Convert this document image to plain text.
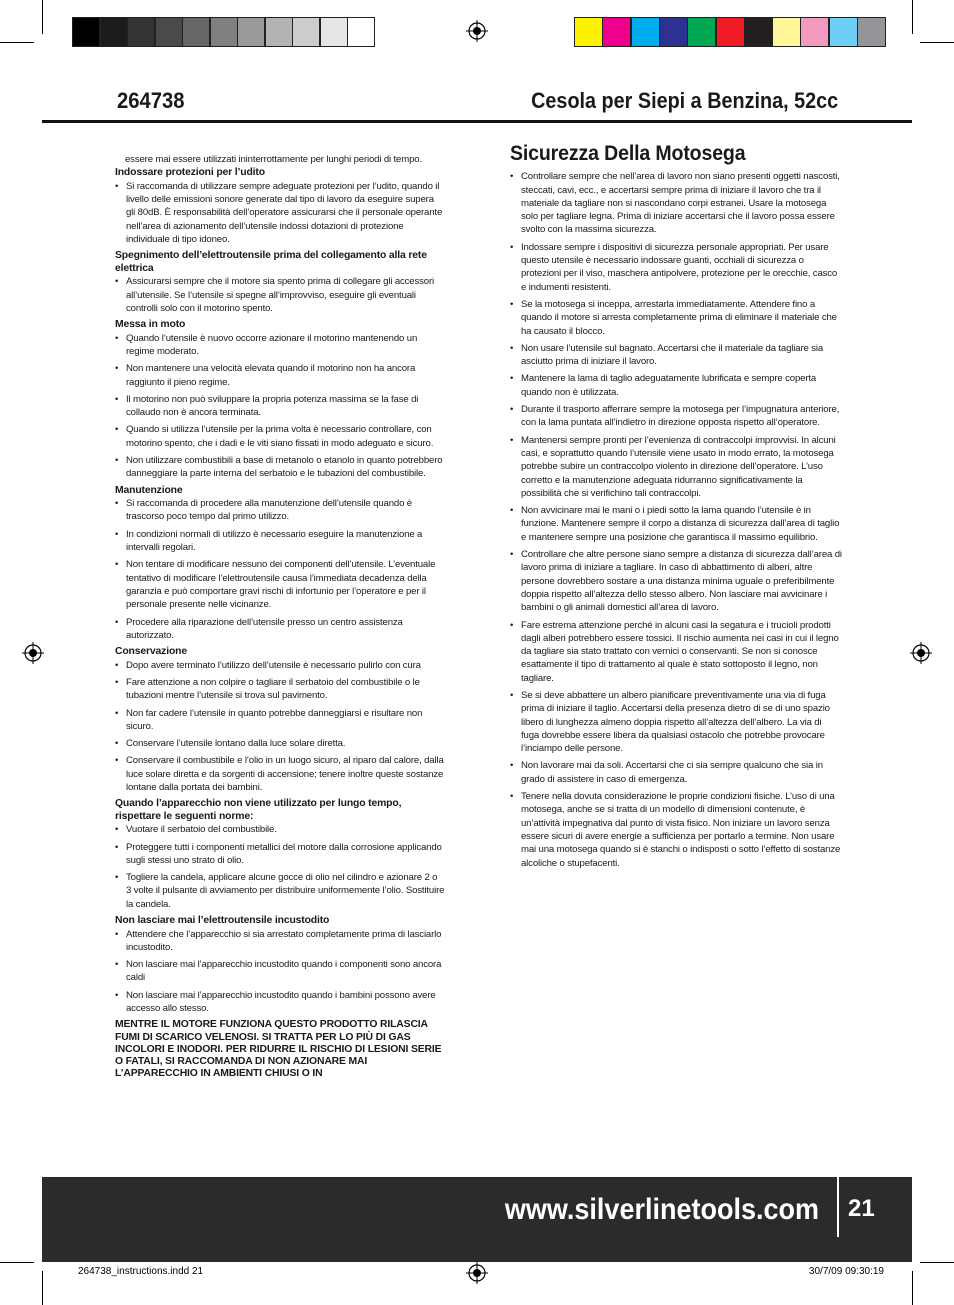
264738	Cesola per Siepi a Benzina, 52cc

essere mai essere utilizzati ininterrottamente per lunghi periodi di tempo.

Indossare protezioni per l’udito

• Si raccomanda di utilizzare sempre adeguate protezioni per l’udito, quando il livello delle emissioni sonore generate dal tipo di lavoro da eseguire supera gli 80dB. È responsabilità dell’operatore assicurarsi che il personale operante nell’area di azionamento dell’utensile indossi dotazioni di protezione individuale di tipo idoneo.

Spegnimento dell’elettroutensile prima del collegamento alla rete elettrica

• Assicurarsi sempre che il motore sia spento prima di collegare gli accessori all’utensile. Se l’utensile si spegne all’improvviso, eseguire gli eventuali controlli solo con il motorino spento.

Messa in moto

• Quando l’utensile è nuovo occorre azionare il motorino mantenendo un regime moderato.
• Non mantenere una velocità elevata quando il motorino non ha ancora raggiunto il pieno regime.
• Il motorino non può sviluppare la propria potenza massima se la fase di collaudo non è ancora terminata.
• Quando si utilizza l’utensile per la prima volta è necessario controllare, con motorino spento, che i dadi e le viti siano fissati in modo adeguato e sicuro.
• Non utilizzare combustibili a base di metanolo o etanolo in quanto potrebbero danneggiare la parte interna del serbatoio e le tubazioni del combustibile.

Manutenzione

• Si raccomanda di procedere alla manutenzione dell’utensile quando è trascorso poco tempo dal primo utilizzo.
• In condizioni normali di utilizzo è necessario eseguire la manutenzione a intervalli regolari.
• Non tentare di modificare nessuno dei componenti dell’utensile. L’eventuale tentativo di modificare l’elettroutensile causa l’immediata decadenza della garanzia e può comportare gravi rischi di infortunio per l’operatore e per il personale presente nelle vicinanze.
• Procedere alla riparazione dell’utensile presso un centro assistenza autorizzato.

Conservazione

• Dopo avere terminato l’utilizzo dell’utensile è necessario pulirlo con cura
• Fare attenzione a non colpire o tagliare il serbatoio del combustibile o le tubazioni mentre l’utensile si trova sul pavimento.
• Non far cadere l’utensile in quanto potrebbe danneggiarsi e risultare non sicuro.
• Conservare l’utensile lontano dalla luce solare diretta.
• Conservare il combustibile e l’olio in un luogo sicuro, al riparo dal calore, dalla luce solare diretta e da sorgenti di accensione; tenere inoltre queste sostanze lontane dalla portata dei bambini.

Quando l’apparecchio non viene utilizzato per lungo tempo, rispettare le seguenti norme:

• Vuotare il serbatoio del combustibile.
• Proteggere tutti i componenti metallici del motore dalla corrosione applicando sugli stessi uno strato di olio.
• Togliere la candela, applicare alcune gocce di olio nel cilindro e azionare 2 o 3 volte il pulsante di avviamento per distribuire uniformemente l’olio. Sostituire la candela.

Non lasciare mai l’elettroutensile incustodito

• Attendere che l’apparecchio si sia arrestato completamente prima di lasciarlo incustodito.
• Non lasciare mai l’apparecchio incustodito quando i componenti sono ancora caldi
• Non lasciare mai l’apparecchio incustodito quando i bambini possono avere accesso allo stesso.

MENTRE IL MOTORE FUNZIONA QUESTO PRODOTTO RILASCIA FUMI DI SCARICO VELENOSI. SI TRATTA PER LO PIÙ DI GAS INCOLORI E INODORI. PER RIDURRE IL RISCHIO DI LESIONI SERIE O FATALI, SI RACCOMANDA DI NON AZIONARE MAI L’APPARECCHIO IN AMBIENTI CHIUSI O IN

Sicurezza Della Motosega
• Controllare sempre che nell’area di lavoro non siano presenti oggetti nascosti, steccati, cavi, ecc., e accertarsi sempre prima di iniziare il lavoro che tra il materiale da tagliare non si nascondano corpi estranei. Usare la motosega solo per tagliare legna. Prima di iniziare accertarsi che il lavoro possa essere svolto con la massima sicurezza.
• Indossare sempre i dispositivi di sicurezza personale appropriati. Per usare questo utensile è necessario indossare guanti, occhiali di sicurezza o protezioni per il viso, maschera antipolvere, protezione per le orecchie, casco e indumenti resistenti.
• Se la motosega si inceppa, arrestarla immediatamente. Attendere fino a quando il motore si arresta completamente prima di eliminare il materiale che ha causato il blocco.
• Non usare l’utensile sul bagnato. Accertarsi che il materiale da tagliare sia asciutto prima di iniziare il lavoro.
• Mantenere la lama di taglio adeguatamente lubrificata e sempre coperta quando non è utilizzata.
• Durante il trasporto afferrare sempre la motosega per l’impugnatura anteriore, con la lama puntata all’indietro in direzione opposta rispetto all’operatore.
• Mantenersi sempre pronti per l’evenienza di contraccolpi improvvisi. In alcuni casi, e soprattutto quando l’utensile viene usato in modo errato, la motosega potrebbe subire un contraccolpo violento in direzione dell’operatore. L’uso corretto e la manutenzione adeguata ridurranno significativamente la possibilità che si verifichino tali contraccolpi.
• Non avvicinare mai le mani o i piedi sotto la lama quando l’utensile è in funzione. Mantenere sempre il corpo a distanza di sicurezza dall’area di taglio e mantenere sempre una posizione che garantisca il massimo equilibrio.
• Controllare che altre persone siano sempre a distanza di sicurezza dall’area di lavoro prima di iniziare a tagliare. In caso di abbattimento di alberi, altre persone dovrebbero sostare a una distanza minima uguale o preferibilmente doppia rispetto all’altezza dello stesso albero. Non lasciare mai avvicinare i bambini o gli animali domestici all’area di lavoro.
• Fare estrema attenzione perché in alcuni casi la segatura e i trucioli prodotti dagli alberi potrebbero essere tossici. Il rischio aumenta nei casi in cui il legno da tagliare sia stato trattato con vernici o conservanti. Se non si conosce esattamente il tipo di trattamento al quale è stato sottoposto il legno, non tagliare.
• Se si deve abbattere un albero pianificare preventivamente una via di fuga prima di iniziare il taglio. Accertarsi della presenza dietro di se di uno spazio libero di lunghezza almeno doppia rispetto all’altezza dell’albero. La via di fuga dovrebbe essere libera da qualsiasi ostacolo che potrebbe provocare l’inciampo delle persone.
• Non lavorare mai da soli. Accertarsi che ci sia sempre qualcuno che sia in grado di assistere in caso di emergenza.
• Tenere nella dovuta considerazione le proprie condizioni fisiche. L’uso di una motosega, anche se si tratta di un modello di dimensioni contenute, è un’attività impegnativa dal punto di vista fisico. Non iniziare un lavoro senza essere sicuri di avere energie a sufficienza per portarlo a termine. Non usare mai una motosega quando si è stanchi o indisposti o sotto l’effetto di sostanze alcoliche o stupefacenti.
www.silverlinetools.com 21
264738_instructions.indd 21	30/7/09 09:30:19
